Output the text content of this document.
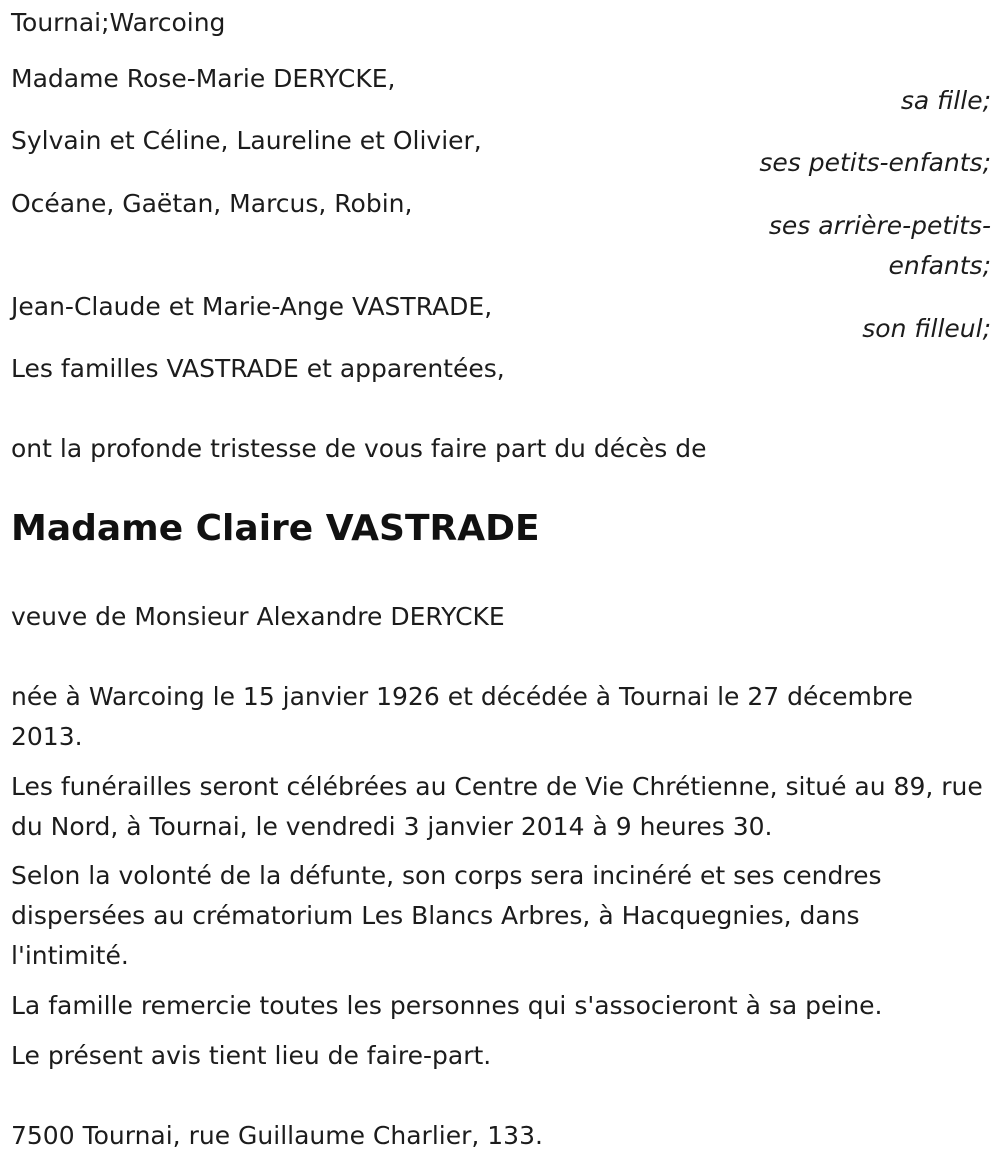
Tournai;Warcoing

Madame Rose-Marie DERYCKE,

sa fille;

Sylvain et Céline, Laureline et Olivier,

ses petits-enfants;

Océane, Gaëtan, Marcus, Robin,

ses arrière-petits-
enfants;

Jean-Claude et Marie-Ange VASTRADE,

son filleul;

Les familles VASTRADE et apparentées,

ont la profonde tristesse de vous faire part du décès de

Madame Claire VASTRADE

veuve de Monsieur Alexandre DERYCKE

née à Warcoing le 15 janvier 1926 et décédée à Tournai le 27 décembre 2013.

Les funérailles seront célébrées au Centre de Vie Chrétienne, situé au 89, rue du Nord, à Tournai, le vendredi 3 janvier 2014 à 9 heures 30.

Selon la volonté de la défunte, son corps sera incinéré et ses cendres dispersées au crématorium Les Blancs Arbres, à Hacquegnies, dans l'intimité.

La famille remercie toutes les personnes qui s'associeront à sa peine.

Le présent avis tient lieu de faire-part.

7500 Tournai, rue Guillaume Charlier, 133.
